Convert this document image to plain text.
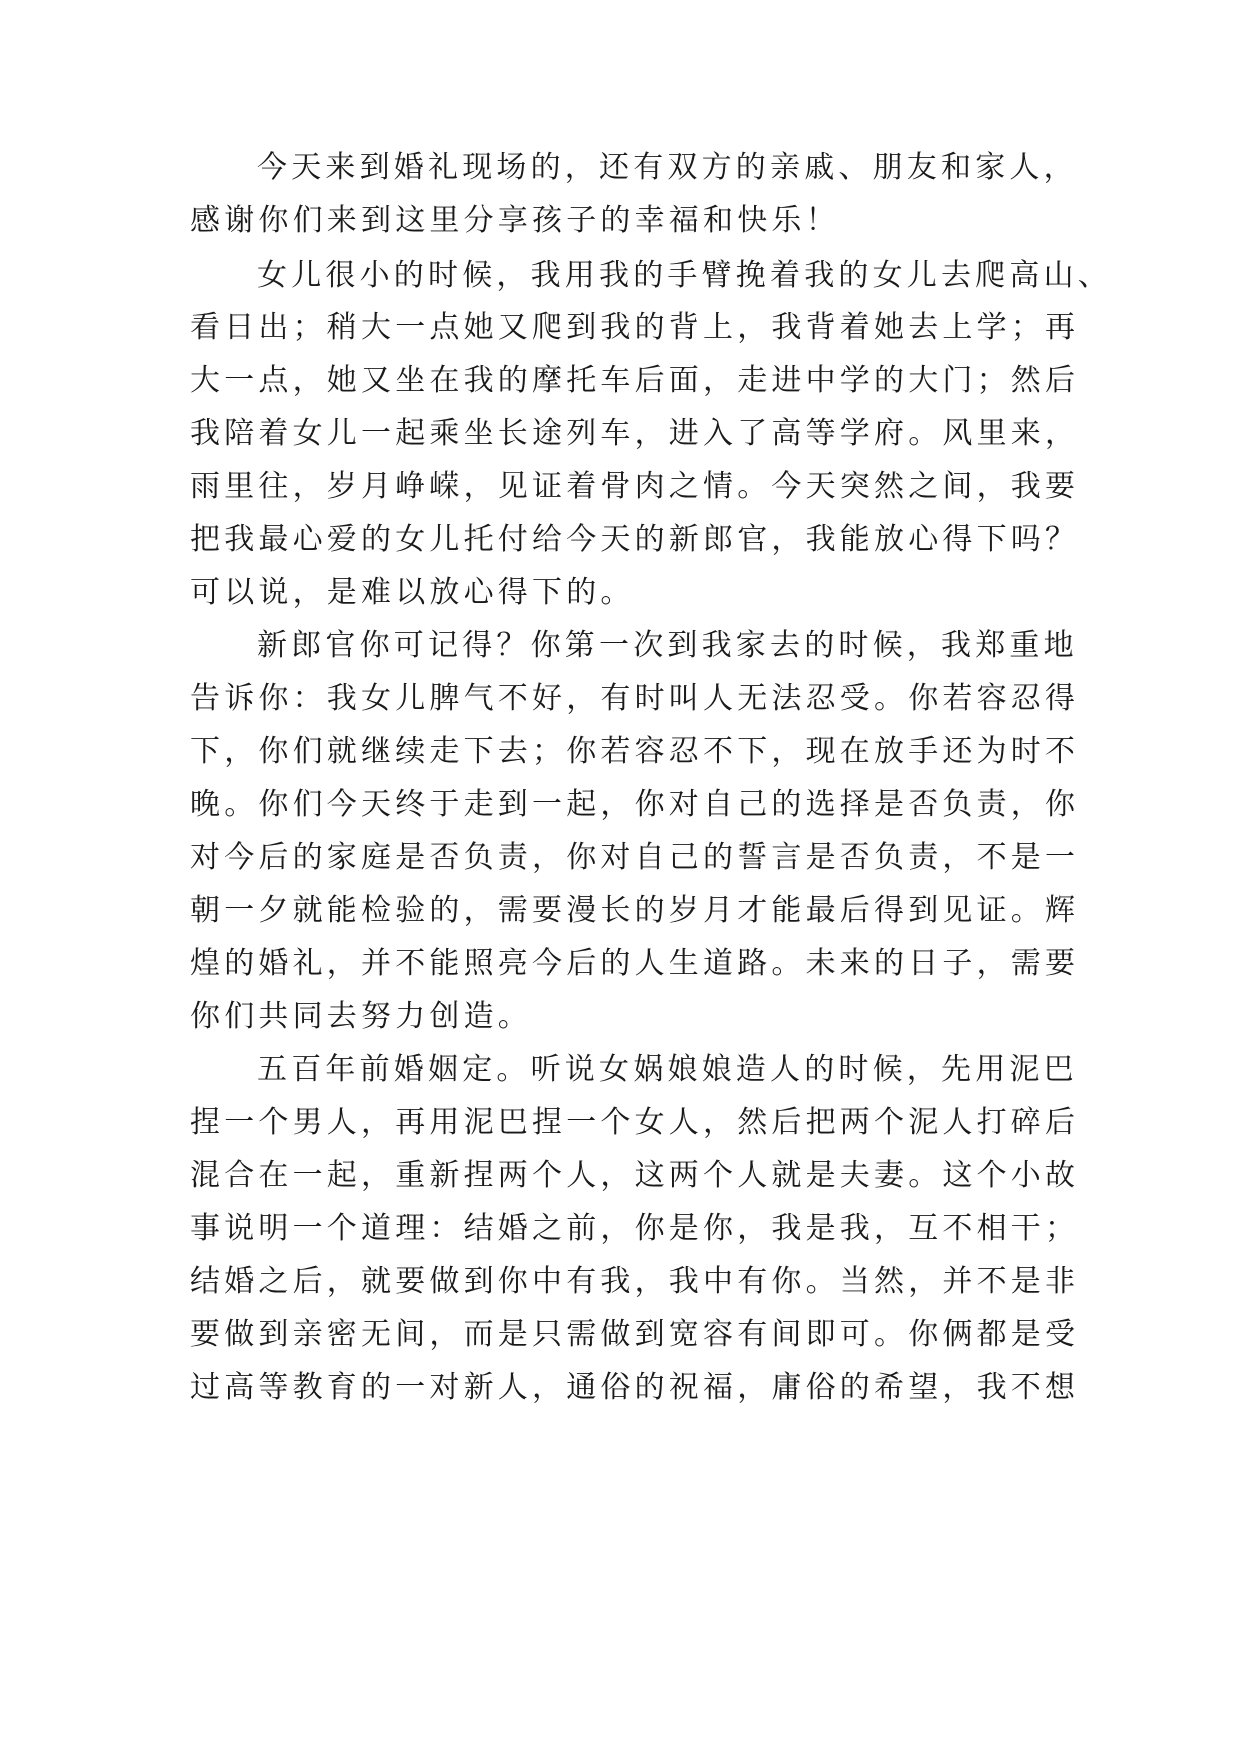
今天来到婚礼现场的，还有双方的亲戚、朋友和家人，

感谢你们来到这里分享孩子的幸福和快乐！

女儿很小的时候，我用我的手臂挽着我的女儿去爬高山、

看日出；稍大一点她又爬到我的背上，我背着她去上学；再

大一点，她又坐在我的摩托车后面，走进中学的大门；然后

我陪着女儿一起乘坐长途列车，进入了高等学府。风里来，

雨里往，岁月峥嵘，见证着骨肉之情。今天突然之间，我要

把我最心爱的女儿托付给今天的新郎官，我能放心得下吗？

可以说，是难以放心得下的。

新郎官你可记得？你第一次到我家去的时候，我郑重地

告诉你：我女儿脾气不好，有时叫人无法忍受。你若容忍得

下，你们就继续走下去；你若容忍不下，现在放手还为时不

晚。你们今天终于走到一起，你对自己的选择是否负责，你

对今后的家庭是否负责，你对自己的誓言是否负责，不是一

朝一夕就能检验的，需要漫长的岁月才能最后得到见证。辉

煌的婚礼，并不能照亮今后的人生道路。未来的日子，需要

你们共同去努力创造。

五百年前婚姻定。听说女娲娘娘造人的时候，先用泥巴

捏一个男人，再用泥巴捏一个女人，然后把两个泥人打碎后

混合在一起，重新捏两个人，这两个人就是夫妻。这个小故

事说明一个道理：结婚之前，你是你，我是我，互不相干；

结婚之后，就要做到你中有我，我中有你。当然，并不是非

要做到亲密无间，而是只需做到宽容有间即可。你俩都是受

过高等教育的一对新人，通俗的祝福，庸俗的希望，我不想
